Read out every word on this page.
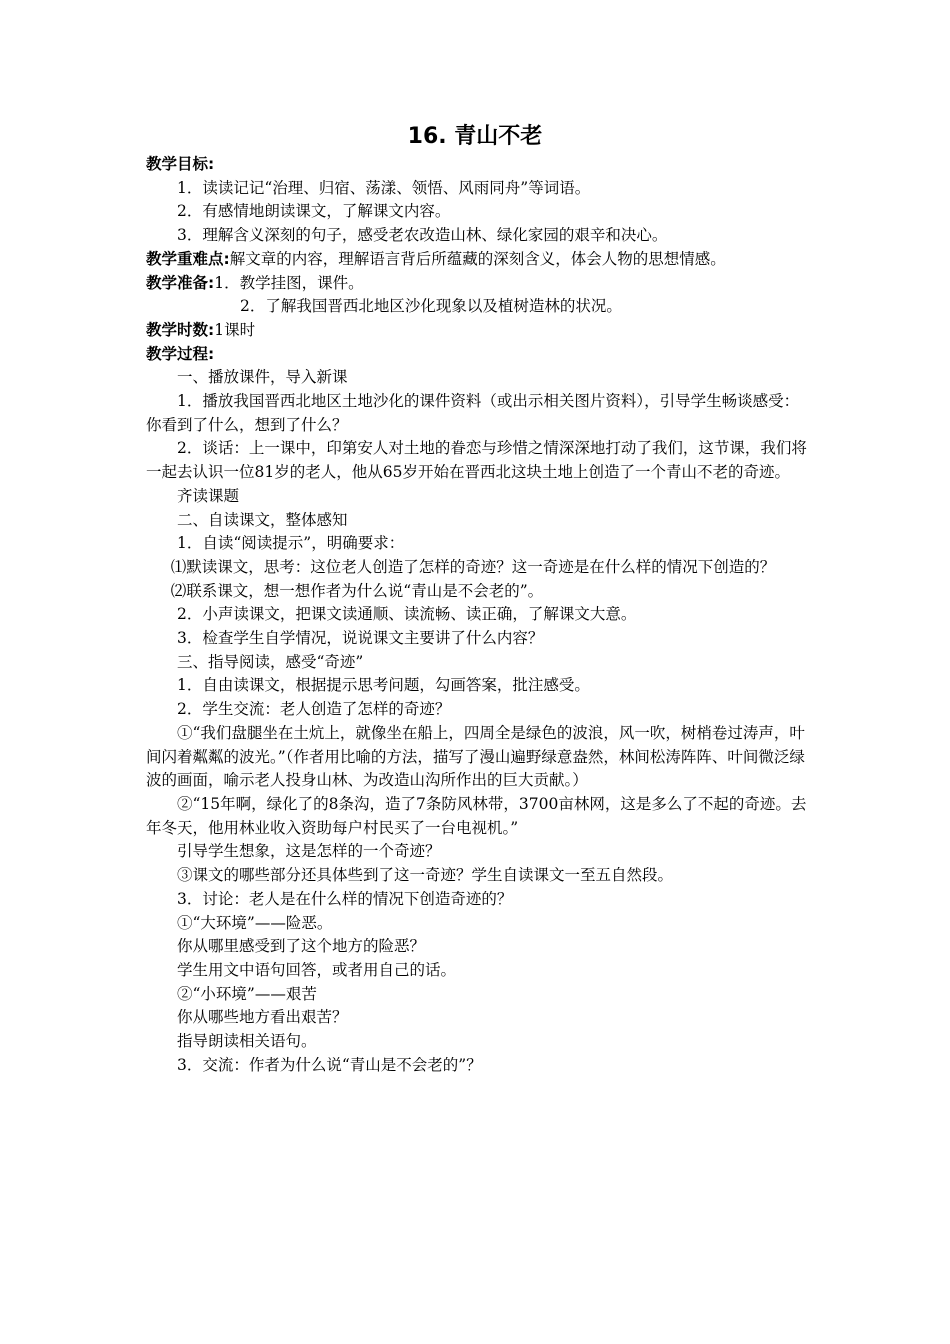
16. 青山不老

教学目标:

1．读读记记“治理、归宿、荡漾、领悟、风雨同舟”等词语。

2．有感情地朗读课文，了解课文内容。

3．理解含义深刻的句子，感受老农改造山林、绿化家园的艰辛和决心。

教学重难点:解文章的内容，理解语言背后所蕴藏的深刻含义，体会人物的思想情感。

教学准备:1．教学挂图，课件。

2．了解我国晋西北地区沙化现象以及植树造林的状况。

教学时数:1课时

教学过程:

一、播放课件，导入新课

1．播放我国晋西北地区土地沙化的课件资料（或出示相关图片资料），引导学生畅谈感受：你看到了什么，想到了什么？

2．谈话：上一课中，印第安人对土地的眷恋与珍惜之情深深地打动了我们，这节课，我们将一起去认识一位81岁的老人，他从65岁开始在晋西北这块土地上创造了一个青山不老的奇迹。

齐读课题

二、自读课文，整体感知

1．自读“阅读提示”，明确要求：

⑴默读课文，思考：这位老人创造了怎样的奇迹？这一奇迹是在什么样的情况下创造的？

⑵联系课文，想一想作者为什么说“青山是不会老的”。

2．小声读课文，把课文读通顺、读流畅、读正确，了解课文大意。

3．检查学生自学情况，说说课文主要讲了什么内容？

三、指导阅读，感受“奇迹”

1．自由读课文，根据提示思考问题，勾画答案，批注感受。

2．学生交流：老人创造了怎样的奇迹？

①“我们盘腿坐在土炕上，就像坐在船上，四周全是绿色的波浪，风一吹，树梢卷过涛声，叶间闪着粼粼的波光。”（作者用比喻的方法，描写了漫山遍野绿意盎然，林间松涛阵阵、叶间微泛绿波的画面，喻示老人投身山林、为改造山沟所作出的巨大贡献。）

②“15年啊，绿化了的8条沟，造了7条防风林带，3700亩林网，这是多么了不起的奇迹。去年冬天，他用林业收入资助每户村民买了一台电视机。”

引导学生想象，这是怎样的一个奇迹？

③课文的哪些部分还具体些到了这一奇迹？学生自读课文一至五自然段。

3．讨论：老人是在什么样的情况下创造奇迹的？

①“大环境”——险恶。

你从哪里感受到了这个地方的险恶？

学生用文中语句回答，或者用自己的话。

②“小环境”——艰苦

你从哪些地方看出艰苦？

指导朗读相关语句。

3．交流：作者为什么说“青山是不会老的”？
